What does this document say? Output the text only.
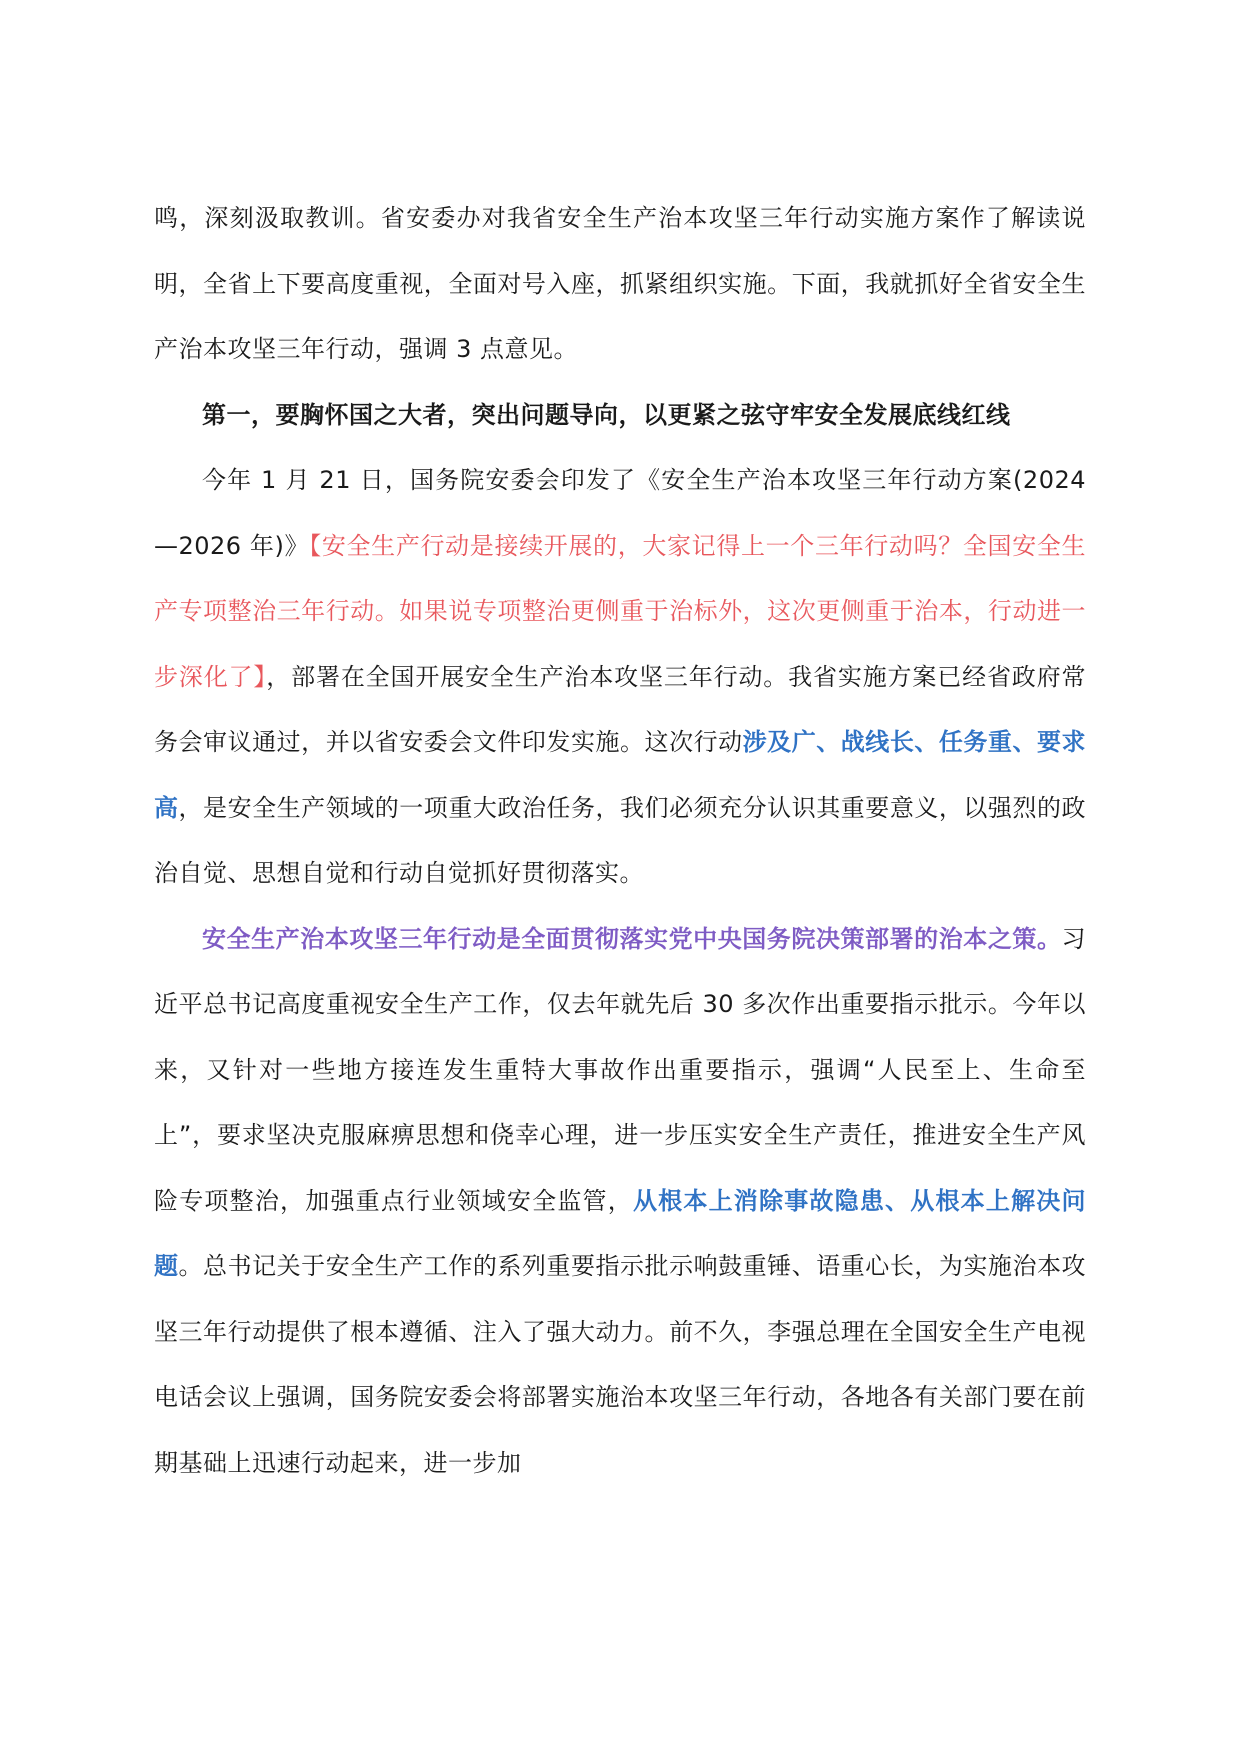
鸣，深刻汲取教训。省安委办对我省安全生产治本攻坚三年行动实施方案作了解读说明，全省上下要高度重视，全面对号入座，抓紧组织实施。下面，我就抓好全省安全生产治本攻坚三年行动，强调 3 点意见。

第一，要胸怀国之大者，突出问题导向，以更紧之弦守牢安全发展底线红线

今年 1 月 21 日，国务院安委会印发了《安全生产治本攻坚三年行动方案(2024—2026 年)》【安全生产行动是接续开展的，大家记得上一个三年行动吗？全国安全生产专项整治三年行动。如果说专项整治更侧重于治标外，这次更侧重于治本，行动进一步深化了】，部署在全国开展安全生产治本攻坚三年行动。我省实施方案已经省政府常务会审议通过，并以省安委会文件印发实施。这次行动涉及广、战线长、任务重、要求高，是安全生产领域的一项重大政治任务，我们必须充分认识其重要意义，以强烈的政治自觉、思想自觉和行动自觉抓好贯彻落实。

安全生产治本攻坚三年行动是全面贯彻落实党中央国务院决策部署的治本之策。习近平总书记高度重视安全生产工作，仅去年就先后 30 多次作出重要指示批示。今年以来，又针对一些地方接连发生重特大事故作出重要指示，强调“人民至上、生命至上”，要求坚决克服麻痹思想和侥幸心理，进一步压实安全生产责任，推进安全生产风险专项整治，加强重点行业领域安全监管，从根本上消除事故隐患、从根本上解决问题。总书记关于安全生产工作的系列重要指示批示响鼓重锤、语重心长，为实施治本攻坚三年行动提供了根本遵循、注入了强大动力。前不久，李强总理在全国安全生产电视电话会议上强调，国务院安委会将部署实施治本攻坚三年行动，各地各有关部门要在前期基础上迅速行动起来，进一步加
